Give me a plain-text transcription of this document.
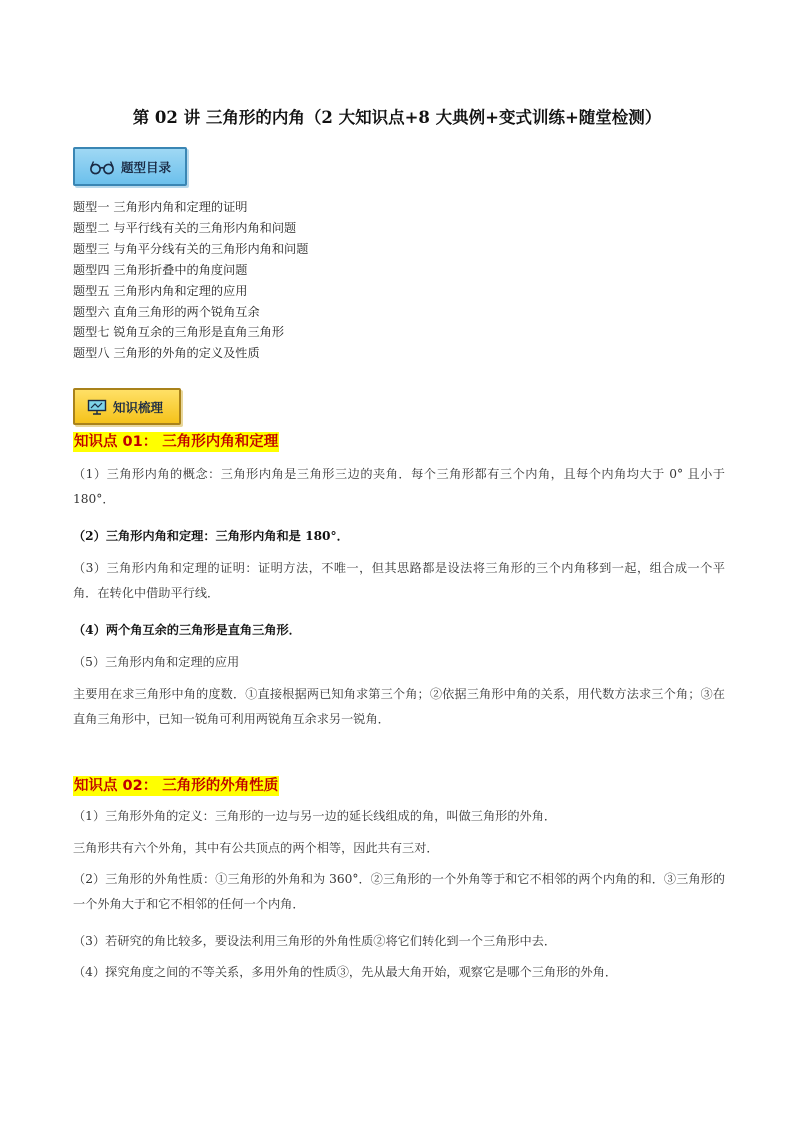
第 02 讲 三角形的内角（2 大知识点+8 大典例+变式训练+随堂检测）
题型目录
题型一 三角形内角和定理的证明
题型二 与平行线有关的三角形内角和问题
题型三 与角平分线有关的三角形内角和问题
题型四 三角形折叠中的角度问题
题型五 三角形内角和定理的应用
题型六 直角三角形的两个锐角互余
题型七 锐角互余的三角形是直角三角形
题型八 三角形的外角的定义及性质
知识梳理
知识点 01： 三角形内角和定理

（1）三角形内角的概念：三角形内角是三角形三边的夹角．每个三角形都有三个内角，且每个内角均大于 0° 且小于 180°．

（2）三角形内角和定理：三角形内角和是 180°．

（3）三角形内角和定理的证明：证明方法，不唯一，但其思路都是设法将三角形的三个内角移到一起，组合成一个平角．在转化中借助平行线．

（4）两个角互余的三角形是直角三角形．

（5）三角形内角和定理的应用

主要用在求三角形中角的度数．①直接根据两已知角求第三个角；②依据三角形中角的关系，用代数方法求三个角；③在直角三角形中，已知一锐角可利用两锐角互余求另一锐角．

知识点 02： 三角形的外角性质

（1）三角形外角的定义：三角形的一边与另一边的延长线组成的角，叫做三角形的外角．

三角形共有六个外角，其中有公共顶点的两个相等，因此共有三对．

（2）三角形的外角性质：①三角形的外角和为 360°．②三角形的一个外角等于和它不相邻的两个内角的和．③三角形的一个外角大于和它不相邻的任何一个内角．

（3）若研究的角比较多，要设法利用三角形的外角性质②将它们转化到一个三角形中去．

（4）探究角度之间的不等关系，多用外角的性质③，先从最大角开始，观察它是哪个三角形的外角．
